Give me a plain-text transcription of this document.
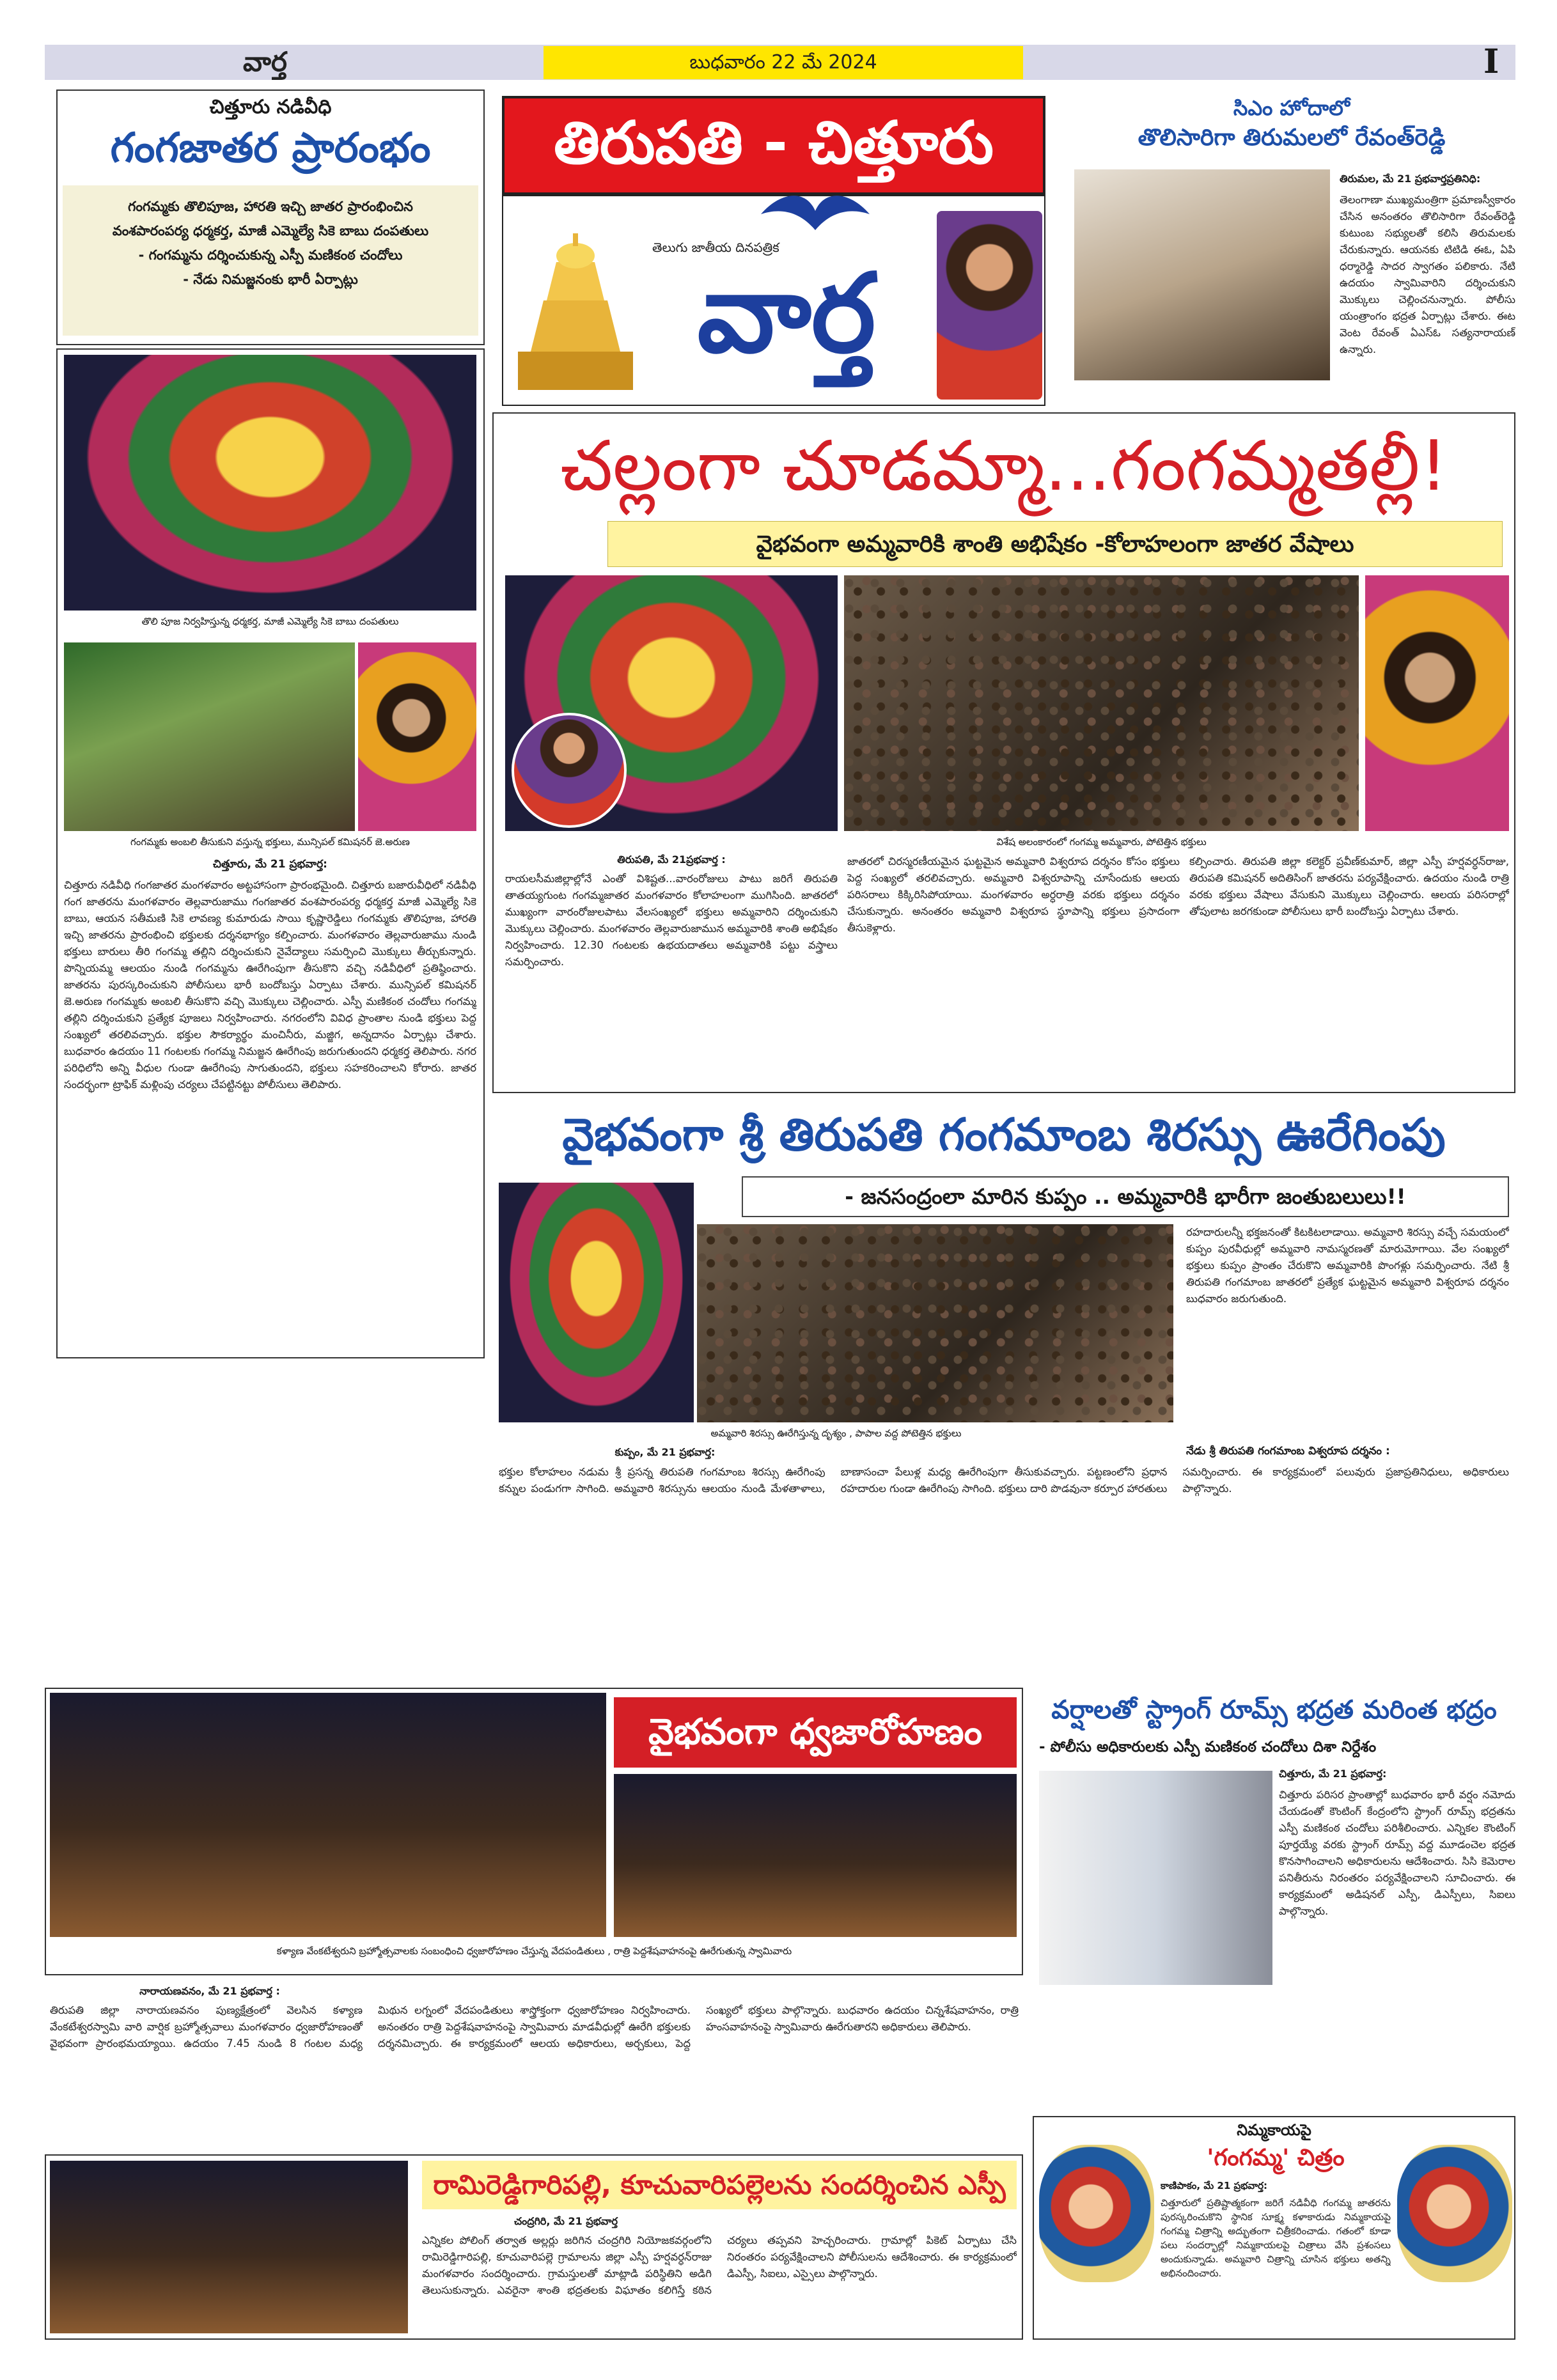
వార్త	బుధవారం 22 మే 2024	I
చిత్తూరు నడివీధి
గంగజాతర ప్రారంభం
గంగమ్మకు తొలిపూజ, హారతి ఇచ్చి జాతర ప్రారంభించిన
వంశపారంపర్య ధర్మకర్త, మాజీ ఎమ్మెల్యే సికె బాబు దంపతులు
- గంగమ్మను దర్శించుకున్న ఎస్పీ మణికంఠ చందోలు
- నేడు నిమజ్జనంకు భారీ ఏర్పాట్లు
తిరుపతి - చిత్తూరు
తెలుగు జాతీయ దినపత్రిక
వార్త
సిఎం హోదాలో
తొలిసారిగా తిరుమలలో రేవంత్‌రెడ్డి
తిరుమల, మే 21 ప్రభవార్తప్రతినిధి:
తెలంగాణా ముఖ్యమంత్రిగా ప్రమాణస్వీకారం చేసిన అనంతరం తొలిసారిగా రేవంత్‌రెడ్డి కుటుంబ సభ్యులతో కలిసి తిరుమలకు చేరుకున్నారు. ఆయనకు టిటిడి ఈఓ, ఏపి ధర్మారెడ్డి సాదర స్వాగతం పలికారు. నేటి ఉదయం స్వామివారిని దర్శించుకుని మొక్కులు చెల్లించనున్నారు. పోలీసు యంత్రాంగం భద్రత ఏర్పాట్లు చేశారు. ఈట వెంట రేవంత్ ఏఎస్ఓ సత్యనారాయణ్ ఉన్నారు.
తొలి పూజ నిర్వహిస్తున్న ధర్మకర్త, మాజీ ఎమ్మెల్యే సికె బాబు దంపతులు
గంగమ్మకు అంబలి తీసుకుని వస్తున్న భక్తులు, మున్సిపల్ కమిషనర్ జె.అరుణ
చిత్తూరు, మే 21 ప్రభవార్త:
చిత్తూరు నడివీధి గంగజాతర మంగళవారం అట్టహాసంగా ప్రారంభమైంది. చిత్తూరు బజారువీధిలో నడివీధి గంగ జాతరను మంగళవారం తెల్లవారుజాము గంగజాతర వంశపారంపర్య ధర్మకర్త మాజీ ఎమ్మెల్యే సికె బాబు, ఆయన సతీమణి సికె లావణ్య కుమారుడు సాయి కృష్ణారెడ్డిలు గంగమ్మకు తొలిపూజ, హారతి ఇచ్చి జాతరను ప్రారంభించి భక్తులకు దర్శనభాగ్యం కల్పించారు. మంగళవారం తెల్లవారుజాము నుండి భక్తులు బారులు తీరి గంగమ్మ తల్లిని దర్శించుకుని నైవేద్యాలు సమర్పించి మొక్కులు తీర్చుకున్నారు. పొన్నియమ్మ ఆలయం నుండి గంగమ్మను ఊరేగింపుగా తీసుకొని వచ్చి నడివీధిలో ప్రతిష్ఠించారు. జాతరను పురస్కరించుకుని పోలీసులు భారీ బందోబస్తు ఏర్పాటు చేశారు. మున్సిపల్ కమిషనర్ జె.అరుణ గంగమ్మకు అంబలి తీసుకొని వచ్చి మొక్కులు చెల్లించారు. ఎస్పీ మణికంఠ చందోలు గంగమ్మ తల్లిని దర్శించుకుని ప్రత్యేక పూజలు నిర్వహించారు. నగరంలోని వివిధ ప్రాంతాల నుండి భక్తులు పెద్ద సంఖ్యలో తరలివచ్చారు. భక్తుల సౌకర్యార్థం మంచినీరు, మజ్జిగ, అన్నదానం ఏర్పాట్లు చేశారు. బుధవారం ఉదయం 11 గంటలకు గంగమ్మ నిమజ్జన ఊరేగింపు జరుగుతుందని ధర్మకర్త తెలిపారు. నగర పరిధిలోని అన్ని వీధుల గుండా ఊరేగింపు సాగుతుందని, భక్తులు సహకరించాలని కోరారు. జాతర సందర్భంగా ట్రాఫిక్ మళ్లింపు చర్యలు చేపట్టినట్టు పోలీసులు తెలిపారు.
చల్లంగా చూడమ్మా...గంగమ్మతల్లీ!
వైభవంగా అమ్మవారికి శాంతి అభిషేకం -కోలాహలంగా జాతర వేషాలు
విశేష అలంకారంలో గంగమ్మ అమ్మవారు, పోటెత్తిన భక్తులు
తిరుపతి, మే 21ప్రభవార్త :
రాయలసీమజిల్లాల్లోనే ఎంతో విశిష్టత...వారంరోజులు పాటు జరిగే తిరుపతి తాతయ్యగుంట గంగమ్మజాతర మంగళవారం కోలాహలంగా ముగిసింది. జాతరలో ముఖ్యంగా వారంరోజులపాటు వేలసంఖ్యలో భక్తులు అమ్మవారిని దర్శించుకుని మొక్కులు చెల్లించారు. మంగళవారం తెల్లవారుజామున అమ్మవారికి శాంతి అభిషేకం నిర్వహించారు. 12.30 గంటలకు ఉభయదాతలు అమ్మవారికి పట్టు వస్త్రాలు సమర్పించారు.
జాతరలో చిరస్మరణీయమైన ఘట్టమైన అమ్మవారి విశ్వరూప దర్శనం కోసం భక్తులు పెద్ద సంఖ్యలో తరలివచ్చారు. అమ్మవారి విశ్వరూపాన్ని చూసేందుకు ఆలయ పరిసరాలు కిక్కిరిసిపోయాయి. మంగళవారం అర్ధరాత్రి వరకు భక్తులు దర్శనం చేసుకున్నారు. అనంతరం అమ్మవారి విశ్వరూప స్థూపాన్ని భక్తులు ప్రసాదంగా తీసుకెళ్లారు.
కల్పించారు. తిరుపతి జిల్లా కలెక్టర్ ప్రవీణ్‌కుమార్, జిల్లా ఎస్పీ హర్షవర్ధన్‌రాజు, తిరుపతి కమిషనర్ అదితిసింగ్ జాతరను పర్యవేక్షించారు. ఉదయం నుండి రాత్రి వరకు భక్తులు వేషాలు వేసుకుని మొక్కులు చెల్లించారు. ఆలయ పరిసరాల్లో తోపులాట జరగకుండా పోలీసులు భారీ బందోబస్తు ఏర్పాటు చేశారు.
వైభవంగా శ్రీ తిరుపతి గంగమాంబ శిరస్సు ఊరేగింపు
- జనసంద్రంలా మారిన కుప్పం .. అమ్మవారికి భారీగా జంతుబలులు!!
అమ్మవారి శిరస్సు ఊరేగిస్తున్న దృశ్యం , పాపాల వద్ద పోటెత్తిన భక్తులు
రహదారులన్నీ భక్తజనంతో కిటకిటలాడాయి. అమ్మవారి శిరస్సు వచ్చే సమయంలో కుప్పం పురవీధుల్లో అమ్మవారి నామస్మరణతో మారుమోగాయి. వేల సంఖ్యలో భక్తులు కుప్పం ప్రాంతం చేరుకొని అమ్మవారికి పొంగళ్లు సమర్పించారు. నేటి శ్రీ తిరుపతి గంగమాంబ జాతరలో ప్రత్యేక ఘట్టమైన అమ్మవారి విశ్వరూప దర్శనం బుధవారం జరుగుతుంది.
నేడు శ్రీ తిరుపతి గంగమాంబ విశ్వరూప దర్శనం :
కుప్పం, మే 21 ప్రభవార్త:
భక్తుల కోలాహలం నడుమ శ్రీ ప్రసన్న తిరుపతి గంగమాంబ శిరస్సు ఊరేగింపు కన్నుల పండుగగా సాగింది. అమ్మవారి శిరస్సును ఆలయం నుండి మేళతాళాలు, బాణాసంచా పేలుళ్ల మధ్య ఊరేగింపుగా తీసుకువచ్చారు. పట్టణంలోని ప్రధాన రహదారుల గుండా ఊరేగింపు సాగింది. భక్తులు దారి పొడవునా కర్పూర హారతులు సమర్పించారు. ఈ కార్యక్రమంలో పలువురు ప్రజాప్రతినిధులు, అధికారులు పాల్గొన్నారు.
వైభవంగా ధ్వజారోహణం
కళ్యాణ వేంకటేశ్వరుని బ్రహ్మోత్సవాలకు సంబంధించి ధ్వజారోహణం చేస్తున్న వేదపండితులు , రాత్రి పెద్దశేషవాహనంపై ఊరేగుతున్న స్వామివారు
నారాయణవనం, మే 21 ప్రభవార్త :
తిరుపతి జిల్లా నారాయణవనం పుణ్యక్షేత్రంలో వెలసిన కళ్యాణ వేంకటేశ్వరస్వామి వారి వార్షిక బ్రహ్మోత్సవాలు మంగళవారం ధ్వజారోహణంతో వైభవంగా ప్రారంభమయ్యాయి. ఉదయం 7.45 నుండి 8 గంటల మధ్య మిథున లగ్నంలో వేదపండితులు శాస్త్రోక్తంగా ధ్వజారోహణం నిర్వహించారు. అనంతరం రాత్రి పెద్దశేషవాహనంపై స్వామివారు మాడవీధుల్లో ఊరేగి భక్తులకు దర్శనమిచ్చారు. ఈ కార్యక్రమంలో ఆలయ అధికారులు, అర్చకులు, పెద్ద సంఖ్యలో భక్తులు పాల్గొన్నారు. బుధవారం ఉదయం చిన్నశేషవాహనం, రాత్రి హంసవాహనంపై స్వామివారు ఊరేగుతారని అధికారులు తెలిపారు.
వర్షాలతో స్ట్రాంగ్ రూమ్స్ భద్రత మరింత భద్రం
- పోలీసు అధికారులకు ఎస్పీ మణికంఠ చందోలు దిశా నిర్దేశం
చిత్తూరు, మే 21 ప్రభవార్త:
చిత్తూరు పరిసర ప్రాంతాల్లో బుధవారం భారీ వర్షం నమోదు చేయడంతో కౌంటింగ్ కేంద్రంలోని స్ట్రాంగ్ రూమ్స్ భద్రతను ఎస్పీ మణికంఠ చందోలు పరిశీలించారు. ఎన్నికల కౌంటింగ్ పూర్తయ్యే వరకు స్ట్రాంగ్ రూమ్స్ వద్ద మూడంచెల భద్రత కొనసాగించాలని అధికారులను ఆదేశించారు. సిసి కెమెరాల పనితీరును నిరంతరం పర్యవేక్షించాలని సూచించారు. ఈ కార్యక్రమంలో అడిషనల్ ఎస్పీ, డిఎస్పీలు, సిఐలు పాల్గొన్నారు.
రామిరెడ్డిగారిపల్లి, కూచువారిపల్లెలను సందర్శించిన ఎస్పీ
చంద్రగిరి, మే 21 ప్రభవార్త
ఎన్నికల పోలింగ్ తర్వాత అల్లర్లు జరిగిన చంద్రగిరి నియోజకవర్గంలోని రామిరెడ్డిగారిపల్లి, కూచువారిపల్లె గ్రామాలను జిల్లా ఎస్పీ హర్షవర్ధన్‌రాజు మంగళవారం సందర్శించారు. గ్రామస్తులతో మాట్లాడి పరిస్థితిని అడిగి తెలుసుకున్నారు. ఎవరైనా శాంతి భద్రతలకు విఘాతం కలిగిస్తే కఠిన చర్యలు తప్పవని హెచ్చరించారు. గ్రామాల్లో పికెట్ ఏర్పాటు చేసి నిరంతరం పర్యవేక్షించాలని పోలీసులను ఆదేశించారు. ఈ కార్యక్రమంలో డిఎస్పీ, సిఐలు, ఎస్సైలు పాల్గొన్నారు.
నిమ్మకాయపై
'గంగమ్మ' చిత్రం
కాణిపాకం, మే 21 ప్రభవార్త:
చిత్తూరులో ప్రతిష్టాత్మకంగా జరిగే నడివీధి గంగమ్మ జాతరను పురస్కరించుకొని స్థానిక సూక్ష్మ కళాకారుడు నిమ్మకాయపై గంగమ్మ చిత్రాన్ని అద్భుతంగా చిత్రీకరించాడు. గతంలో కూడా పలు సందర్భాల్లో నిమ్మకాయలపై చిత్రాలు వేసి ప్రశంసలు అందుకున్నాడు. అమ్మవారి చిత్రాన్ని చూసిన భక్తులు అతన్ని అభినందించారు.
